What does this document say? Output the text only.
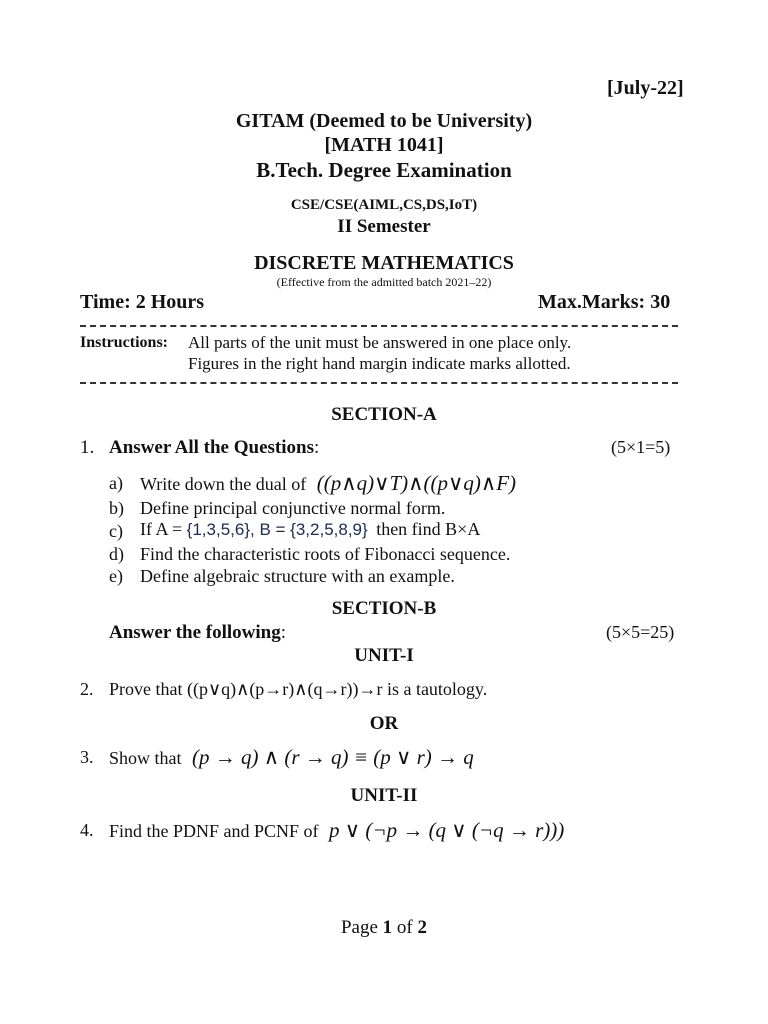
[July-22]
GITAM (Deemed to be University)
[MATH 1041]
B.Tech. Degree Examination
CSE/CSE(AIML,CS,DS,IoT)
II Semester
DISCRETE MATHEMATICS
(Effective from the admitted batch 2021–22)
Time: 2 Hours	Max.Marks: 30
Instructions: All parts of the unit must be answered in one place only.
Figures in the right hand margin indicate marks allotted.
SECTION-A
1. Answer All the Questions:	(5×1=5)
a) Write down the dual of ((p∧q)∨T)∧((p∨q)∧F)
b) Define principal conjunctive normal form.
c) If A = {1,3,5,6}, B = {3,2,5,8,9} then find B×A
d) Find the characteristic roots of Fibonacci sequence.
e) Define algebraic structure with an example.
SECTION-B
Answer the following:	(5×5=25)
UNIT-I
2. Prove that ((p∨q)∧(p→r)∧(q→r))→r is a tautology.
OR
3. Show that (p → q) ∧ (r → q) ≡ (p ∨ r) → q
UNIT-II
4. Find the PDNF and PCNF of p ∨ (¬p → (q ∨ (¬q → r)))
Page 1 of 2
